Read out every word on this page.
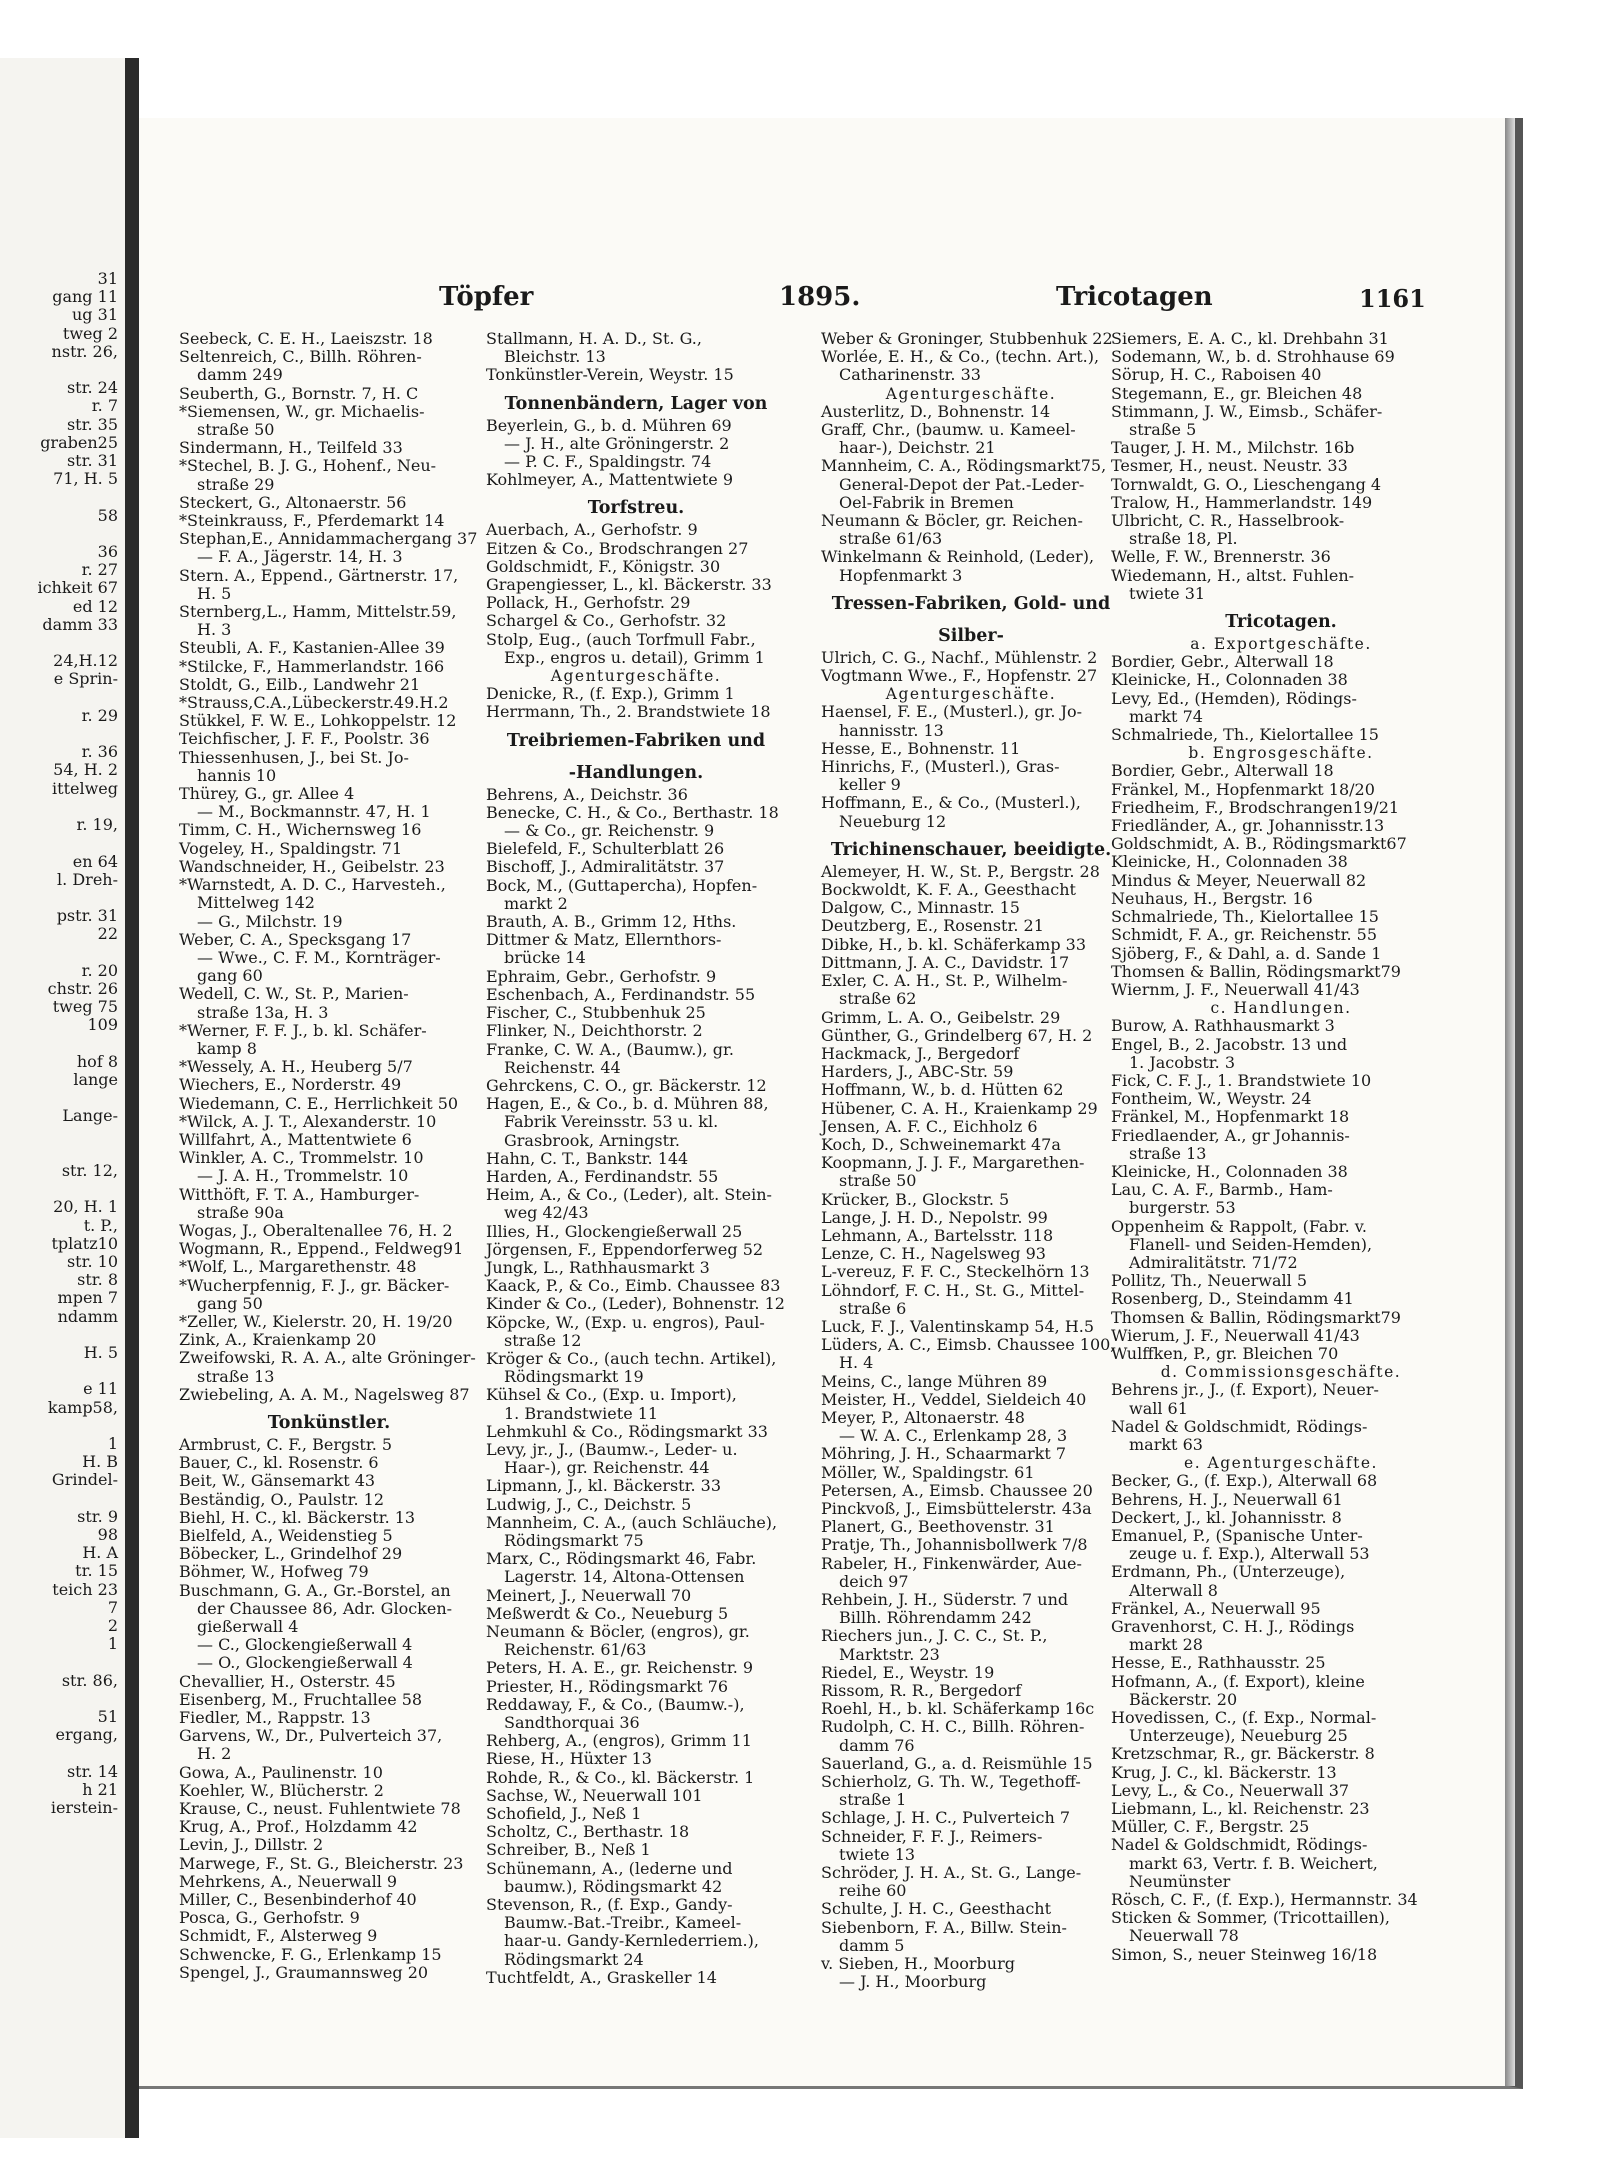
31
gang 11
ug 31
tweg 2
nstr. 26,

str. 24
r. 7
str. 35
graben25
str. 31
71, H. 5

58

36
r. 27
ichkeit 67
ed 12
damm 33

24,H.12
e Sprin-

r. 29

r. 36
54, H. 2
ittelweg

r. 19,

en 64
l. Dreh-

pstr. 31
22

r. 20
chstr. 26
tweg 75
109

hof 8
lange

Lange-

str. 12,

20, H. 1
t. P.,
tplatz10
str. 10
str. 8
mpen 7
ndamm

H. 5

e 11
kamp58,

1
H. B
Grindel-

str. 9
98
H. A
tr. 15
teich 23
7
2
1

str. 86,

51
ergang,

str. 14
h 21
ierstein-
Töpfer	1895.	Tricotagen	1161
Seebeck, C. E. H., Laeiszstr. 18
Seltenreich, C., Billh. Röhren-
damm 249
Seuberth, G., Bornstr. 7, H. C
*Siemensen, W., gr. Michaelis-
straße 50
Sindermann, H., Teilfeld 33
*Stechel, B. J. G., Hohenf., Neu-
straße 29
Steckert, G., Altonaerstr. 56
*Steinkrauss, F., Pferdemarkt 14
Stephan,E., Annidammachergang 37
— F. A., Jägerstr. 14, H. 3
Stern. A., Eppend., Gärtnerstr. 17,
H. 5
Sternberg,L., Hamm, Mittelstr.59,
H. 3
Steubli, A. F., Kastanien-Allee 39
*Stilcke, F., Hammerlandstr. 166
Stoldt, G., Eilb., Landwehr 21
*Strauss,C.A.,Lübeckerstr.49.H.2
Stükkel, F. W. E., Lohkoppelstr. 12
Teichfischer, J. F. F., Poolstr. 36
Thiessenhusen, J., bei St. Jo-
hannis 10
Thürey, G., gr. Allee 4
— M., Bockmannstr. 47, H. 1
Timm, C. H., Wichernsweg 16
Vogeley, H., Spaldingstr. 71
Wandschneider, H., Geibelstr. 23
*Warnstedt, A. D. C., Harvesteh.,
Mittelweg 142
— G., Milchstr. 19
Weber, C. A., Specksgang 17
— Wwe., C. F. M., Kornträger-
gang 60
Wedell, C. W., St. P., Marien-
straße 13a, H. 3
*Werner, F. F. J., b. kl. Schäfer-
kamp 8
*Wessely, A. H., Heuberg 5/7
Wiechers, E., Norderstr. 49
Wiedemann, C. E., Herrlichkeit 50
*Wilck, A. J. T., Alexanderstr. 10
Willfahrt, A., Mattentwiete 6
Winkler, A. C., Trommelstr. 10
— J. A. H., Trommelstr. 10
Witthöft, F. T. A., Hamburger-
straße 90a
Wogas, J., Oberaltenallee 76, H. 2
Wogmann, R., Eppend., Feldweg91
*Wolf, L., Margarethenstr. 48
*Wucherpfennig, F. J., gr. Bäcker-
gang 50
*Zeller, W., Kielerstr. 20, H. 19/20
Zink, A., Kraienkamp 20
Zweifowski, R. A. A., alte Gröninger-
straße 13
Zwiebeling, A. A. M., Nagelsweg 87
Tonkünstler.
Armbrust, C. F., Bergstr. 5
Bauer, C., kl. Rosenstr. 6
Beit, W., Gänsemarkt 43
Beständig, O., Paulstr. 12
Biehl, H. C., kl. Bäckerstr. 13
Bielfeld, A., Weidenstieg 5
Böbecker, L., Grindelhof 29
Böhmer, W., Hofweg 79
Buschmann, G. A., Gr.-Borstel, an
der Chaussee 86, Adr. Glocken-
gießerwall 4
— C., Glockengießerwall 4
— O., Glockengießerwall 4
Chevallier, H., Osterstr. 45
Eisenberg, M., Fruchtallee 58
Fiedler, M., Rappstr. 13
Garvens, W., Dr., Pulverteich 37,
H. 2
Gowa, A., Paulinenstr. 10
Koehler, W., Blücherstr. 2
Krause, C., neust. Fuhlentwiete 78
Krug, A., Prof., Holzdamm 42
Levin, J., Dillstr. 2
Marwege, F., St. G., Bleicherstr. 23
Mehrkens, A., Neuerwall 9
Miller, C., Besenbinderhof 40
Posca, G., Gerhofstr. 9
Schmidt, F., Alsterweg 9
Schwencke, F. G., Erlenkamp 15
Spengel, J., Graumannsweg 20
Stallmann, H. A. D., St. G.,
Bleichstr. 13
Tonkünstler-Verein, Weystr. 15
Tonnenbändern, Lager von
Beyerlein, G., b. d. Mühren 69
— J. H., alte Gröningerstr. 2
— P. C. F., Spaldingstr. 74
Kohlmeyer, A., Mattentwiete 9
Torfstreu.
Auerbach, A., Gerhofstr. 9
Eitzen & Co., Brodschrangen 27
Goldschmidt, F., Königstr. 30
Grapengiesser, L., kl. Bäckerstr. 33
Pollack, H., Gerhofstr. 29
Schargel & Co., Gerhofstr. 32
Stolp, Eug., (auch Torfmull Fabr.,
Exp., engros u. detail), Grimm 1
Agenturgeschäfte.
Denicke, R., (f. Exp.), Grimm 1
Herrmann, Th., 2. Brandstwiete 18
Treibriemen-Fabriken und
-Handlungen.
Behrens, A., Deichstr. 36
Benecke, C. H., & Co., Berthastr. 18
— & Co., gr. Reichenstr. 9
Bielefeld, F., Schulterblatt 26
Bischoff, J., Admiralitätstr. 37
Bock, M., (Guttapercha), Hopfen-
markt 2
Brauth, A. B., Grimm 12, Hths.
Dittmer & Matz, Ellernthors-
brücke 14
Ephraim, Gebr., Gerhofstr. 9
Eschenbach, A., Ferdinandstr. 55
Fischer, C., Stubbenhuk 25
Flinker, N., Deichthorstr. 2
Franke, C. W. A., (Baumw.), gr.
Reichenstr. 44
Gehrckens, C. O., gr. Bäckerstr. 12
Hagen, E., & Co., b. d. Mühren 88,
Fabrik Vereinsstr. 53 u. kl.
Grasbrook, Arningstr.
Hahn, C. T., Bankstr. 144
Harden, A., Ferdinandstr. 55
Heim, A., & Co., (Leder), alt. Stein-
weg 42/43
Illies, H., Glockengießerwall 25
Jörgensen, F., Eppendorferweg 52
Jungk, L., Rathhausmarkt 3
Kaack, P., & Co., Eimb. Chaussee 83
Kinder & Co., (Leder), Bohnenstr. 12
Köpcke, W., (Exp. u. engros), Paul-
straße 12
Kröger & Co., (auch techn. Artikel),
Rödingsmarkt 19
Kühsel & Co., (Exp. u. Import),
1. Brandstwiete 11
Lehmkuhl & Co., Rödingsmarkt 33
Levy, jr., J., (Baumw.-, Leder- u.
Haar-), gr. Reichenstr. 44
Lipmann, J., kl. Bäckerstr. 33
Ludwig, J., C., Deichstr. 5
Mannheim, C. A., (auch Schläuche),
Rödingsmarkt 75
Marx, C., Rödingsmarkt 46, Fabr.
Lagerstr. 14, Altona-Ottensen
Meinert, J., Neuerwall 70
Meßwerdt & Co., Neueburg 5
Neumann & Böcler, (engros), gr.
Reichenstr. 61/63
Peters, H. A. E., gr. Reichenstr. 9
Priester, H., Rödingsmarkt 76
Reddaway, F., & Co., (Baumw.-),
Sandthorquai 36
Rehberg, A., (engros), Grimm 11
Riese, H., Hüxter 13
Rohde, R., & Co., kl. Bäckerstr. 1
Sachse, W., Neuerwall 101
Schofield, J., Neß 1
Scholtz, C., Berthastr. 18
Schreiber, B., Neß 1
Schünemann, A., (lederne und
baumw.), Rödingsmarkt 42
Stevenson, R., (f. Exp., Gandy-
Baumw.-Bat.-Treibr., Kameel-
haar-u. Gandy-Kernlederriem.),
Rödingsmarkt 24
Tuchtfeldt, A., Graskeller 14
Weber & Groninger, Stubbenhuk 22
Worlée, E. H., & Co., (techn. Art.),
Catharinenstr. 33
Agenturgeschäfte.
Austerlitz, D., Bohnenstr. 14
Graff, Chr., (baumw. u. Kameel-
haar-), Deichstr. 21
Mannheim, C. A., Rödingsmarkt75,
General-Depot der Pat.-Leder-
Oel-Fabrik in Bremen
Neumann & Böcler, gr. Reichen-
straße 61/63
Winkelmann & Reinhold, (Leder),
Hopfenmarkt 3
Tressen-Fabriken, Gold- und
Silber-
Ulrich, C. G., Nachf., Mühlenstr. 2
Vogtmann Wwe., F., Hopfenstr. 27
Agenturgeschäfte.
Haensel, F. E., (Musterl.), gr. Jo-
hannisstr. 13
Hesse, E., Bohnenstr. 11
Hinrichs, F., (Musterl.), Gras-
keller 9
Hoffmann, E., & Co., (Musterl.),
Neueburg 12
Trichinenschauer, beeidigte.
Alemeyer, H. W., St. P., Bergstr. 28
Bockwoldt, K. F. A., Geesthacht
Dalgow, C., Minnastr. 15
Deutzberg, E., Rosenstr. 21
Dibke, H., b. kl. Schäferkamp 33
Dittmann, J. A. C., Davidstr. 17
Exler, C. A. H., St. P., Wilhelm-
straße 62
Grimm, L. A. O., Geibelstr. 29
Günther, G., Grindelberg 67, H. 2
Hackmack, J., Bergedorf
Harders, J., ABC-Str. 59
Hoffmann, W., b. d. Hütten 62
Hübener, C. A. H., Kraienkamp 29
Jensen, A. F. C., Eichholz 6
Koch, D., Schweinemarkt 47a
Koopmann, J. J. F., Margarethen-
straße 50
Krücker, B., Glockstr. 5
Lange, J. H. D., Nepolstr. 99
Lehmann, A., Bartelsstr. 118
Lenze, C. H., Nagelsweg 93
L-vereuz, F. F. C., Steckelhörn 13
Löhndorf, F. C. H., St. G., Mittel-
straße 6
Luck, F. J., Valentinskamp 54, H.5
Lüders, A. C., Eimsb. Chaussee 100,
H. 4
Meins, C., lange Mühren 89
Meister, H., Veddel, Sieldeich 40
Meyer, P., Altonaerstr. 48
— W. A. C., Erlenkamp 28, 3
Möhring, J. H., Schaarmarkt 7
Möller, W., Spaldingstr. 61
Petersen, A., Eimsb. Chaussee 20
Pinckvoß, J., Eimsbüttelerstr. 43a
Planert, G., Beethovenstr. 31
Pratje, Th., Johannisbollwerk 7/8
Rabeler, H., Finkenwärder, Aue-
deich 97
Rehbein, J. H., Süderstr. 7 und
Billh. Röhrendamm 242
Riechers jun., J. C. C., St. P.,
Marktstr. 23
Riedel, E., Weystr. 19
Rissom, R. R., Bergedorf
Roehl, H., b. kl. Schäferkamp 16c
Rudolph, C. H. C., Billh. Röhren-
damm 76
Sauerland, G., a. d. Reismühle 15
Schierholz, G. Th. W., Tegethoff-
straße 1
Schlage, J. H. C., Pulverteich 7
Schneider, F. F. J., Reimers-
twiete 13
Schröder, J. H. A., St. G., Lange-
reihe 60
Schulte, J. H. C., Geesthacht
Siebenborn, F. A., Billw. Stein-
damm 5
v. Sieben, H., Moorburg
— J. H., Moorburg
Siemers, E. A. C., kl. Drehbahn 31
Sodemann, W., b. d. Strohhause 69
Sörup, H. C., Raboisen 40
Stegemann, E., gr. Bleichen 48
Stimmann, J. W., Eimsb., Schäfer-
straße 5
Tauger, J. H. M., Milchstr. 16b
Tesmer, H., neust. Neustr. 33
Tornwaldt, G. O., Lieschengang 4
Tralow, H., Hammerlandstr. 149
Ulbricht, C. R., Hasselbrook-
straße 18, Pl.
Welle, F. W., Brennerstr. 36
Wiedemann, H., altst. Fuhlen-
twiete 31
Tricotagen.
a. Exportgeschäfte.
Bordier, Gebr., Alterwall 18
Kleinicke, H., Colonnaden 38
Levy, Ed., (Hemden), Rödings-
markt 74
Schmalriede, Th., Kielortallee 15
b. Engrosgeschäfte.
Bordier, Gebr., Alterwall 18
Fränkel, M., Hopfenmarkt 18/20
Friedheim, F., Brodschrangen19/21
Friedländer, A., gr. Johannisstr.13
Goldschmidt, A. B., Rödingsmarkt67
Kleinicke, H., Colonnaden 38
Mindus & Meyer, Neuerwall 82
Neuhaus, H., Bergstr. 16
Schmalriede, Th., Kielortallee 15
Schmidt, F. A., gr. Reichenstr. 55
Sjöberg, F., & Dahl, a. d. Sande 1
Thomsen & Ballin, Rödingsmarkt79
Wiernm, J. F., Neuerwall 41/43
c. Handlungen.
Burow, A. Rathhausmarkt 3
Engel, B., 2. Jacobstr. 13 und
1. Jacobstr. 3
Fick, C. F. J., 1. Brandstwiete 10
Fontheim, W., Weystr. 24
Fränkel, M., Hopfenmarkt 18
Friedlaender, A., gr Johannis-
straße 13
Kleinicke, H., Colonnaden 38
Lau, C. A. F., Barmb., Ham-
burgerstr. 53
Oppenheim & Rappolt, (Fabr. v.
Flanell- und Seiden-Hemden),
Admiralitätstr. 71/72
Pollitz, Th., Neuerwall 5
Rosenberg, D., Steindamm 41
Thomsen & Ballin, Rödingsmarkt79
Wierum, J. F., Neuerwall 41/43
Wulffken, P., gr. Bleichen 70
d. Commissionsgeschäfte.
Behrens jr., J., (f. Export), Neuer-
wall 61
Nadel & Goldschmidt, Rödings-
markt 63
e. Agenturgeschäfte.
Becker, G., (f. Exp.), Alterwall 68
Behrens, H. J., Neuerwall 61
Deckert, J., kl. Johannisstr. 8
Emanuel, P., (Spanische Unter-
zeuge u. f. Exp.), Alterwall 53
Erdmann, Ph., (Unterzeuge),
Alterwall 8
Fränkel, A., Neuerwall 95
Gravenhorst, C. H. J., Rödings
markt 28
Hesse, E., Rathhausstr. 25
Hofmann, A., (f. Export), kleine
Bäckerstr. 20
Hovedissen, C., (f. Exp., Normal-
Unterzeuge), Neueburg 25
Kretzschmar, R., gr. Bäckerstr. 8
Krug, J. C., kl. Bäckerstr. 13
Levy, L., & Co., Neuerwall 37
Liebmann, L., kl. Reichenstr. 23
Müller, C. F., Bergstr. 25
Nadel & Goldschmidt, Rödings-
markt 63, Vertr. f. B. Weichert,
Neumünster
Rösch, C. F., (f. Exp.), Hermannstr. 34
Sticken & Sommer, (Tricottaillen),
Neuerwall 78
Simon, S., neuer Steinweg 16/18
